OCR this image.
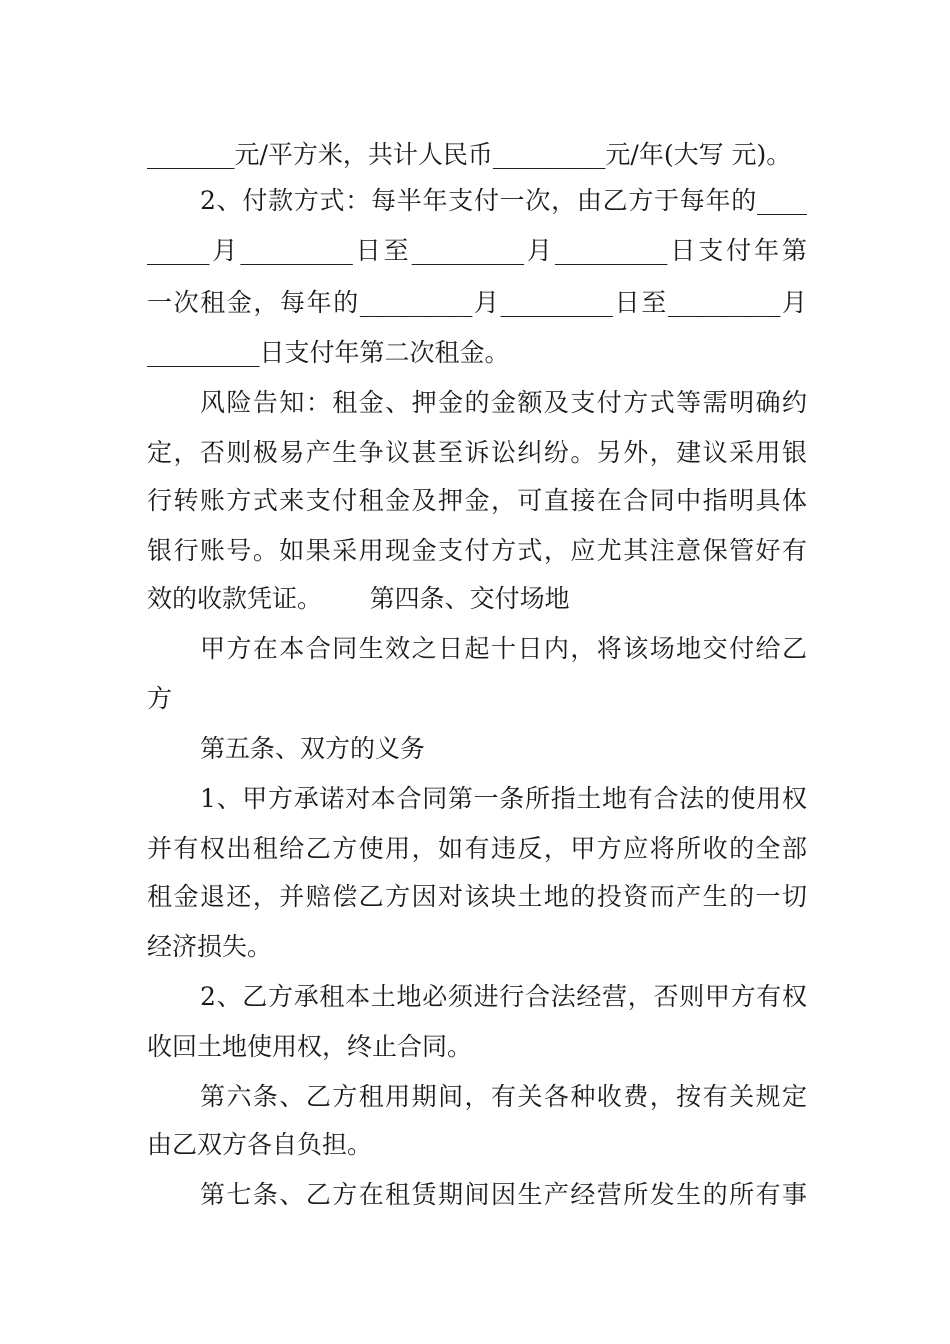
_______元/平方米，共计人民币_________元/年(大写 元)。
2、付款方式：每半年支付一次，由乙方于每年的____
_____月_________日至_________月_________日支付年第
一次租金，每年的_________月_________日至_________月
_________日支付年第二次租金。
风险告知：租金、押金的金额及支付方式等需明确约
定，否则极易产生争议甚至诉讼纠纷。另外，建议采用银
行转账方式来支付租金及押金，可直接在合同中指明具体
银行账号。如果采用现金支付方式，应尤其注意保管好有
效的收款凭证。      第四条、交付场地
甲方在本合同生效之日起十日内，将该场地交付给乙
方
第五条、双方的义务
1、甲方承诺对本合同第一条所指土地有合法的使用权
并有权出租给乙方使用，如有违反，甲方应将所收的全部
租金退还，并赔偿乙方因对该块土地的投资而产生的一切
经济损失。
2、乙方承租本土地必须进行合法经营，否则甲方有权
收回土地使用权，终止合同。
第六条、乙方租用期间，有关各种收费，按有关规定
由乙双方各自负担。
第七条、乙方在租赁期间因生产经营所发生的所有事
